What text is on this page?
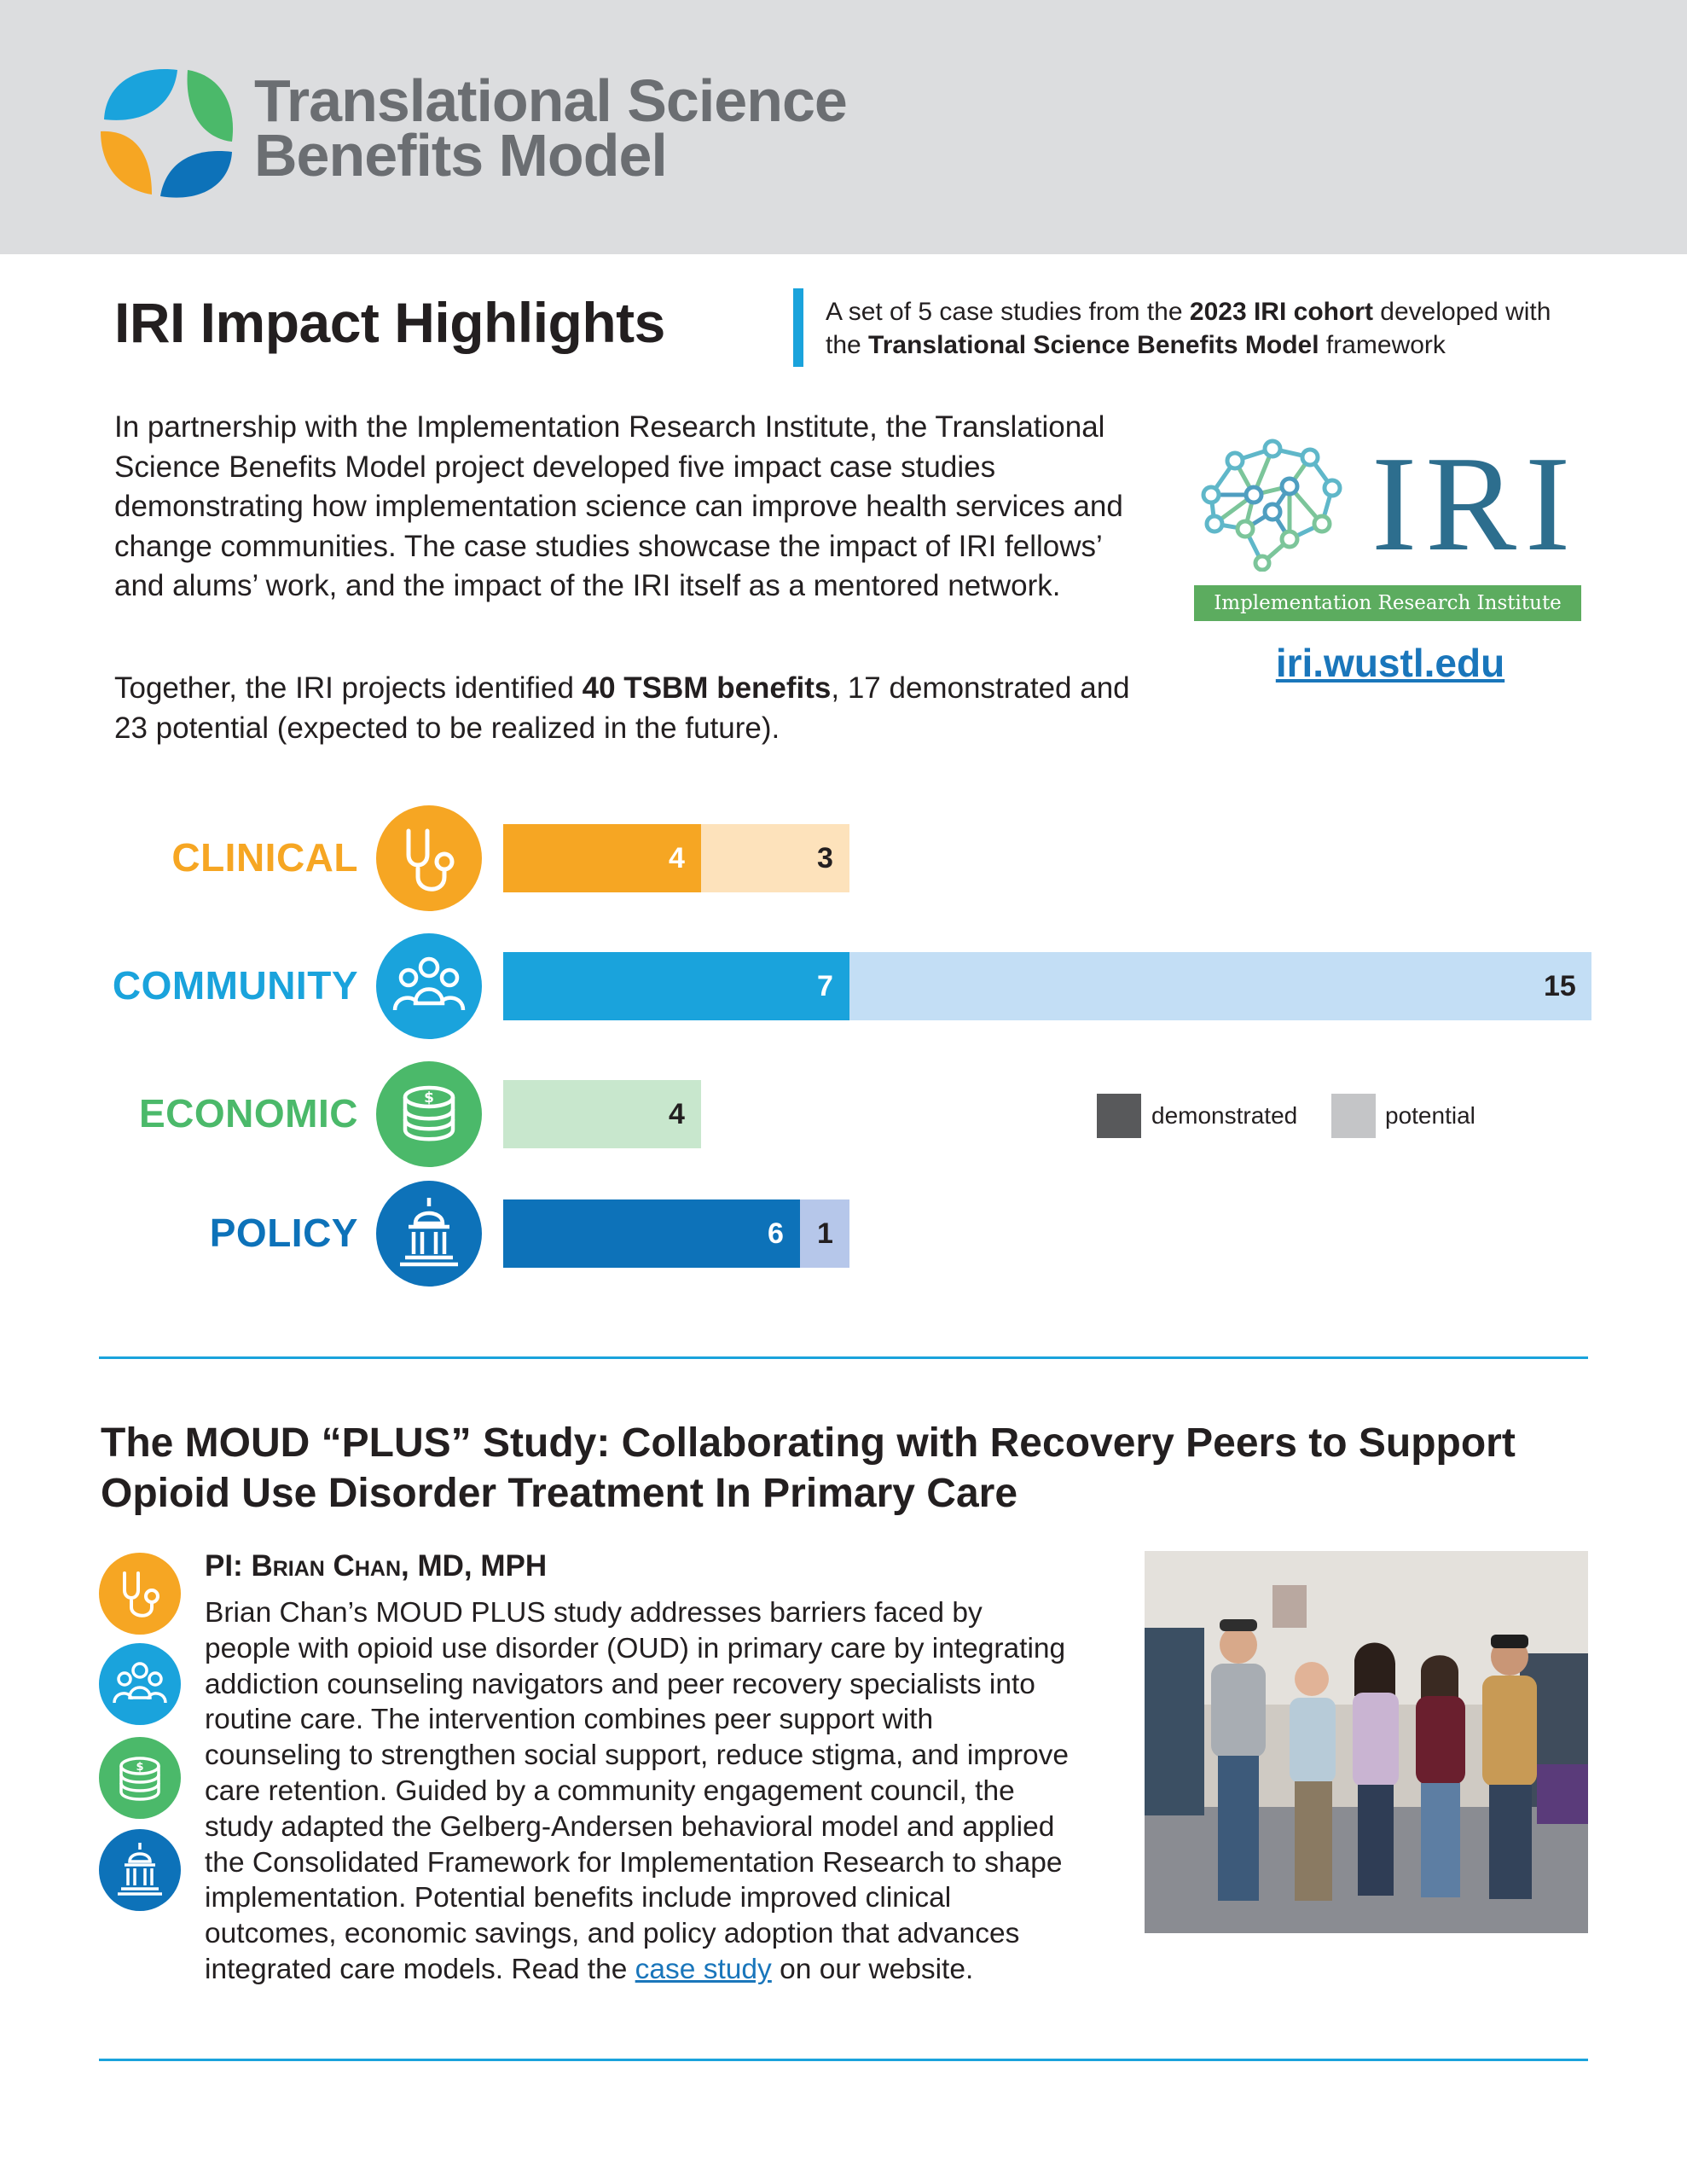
Translational Science
Benefits Model
IRI Impact Highlights	A set of 5 case studies from the 2023 IRI cohort developed with the Translational Science Benefits Model framework

In partnership with the Implementation Research Institute, the Translational Science Benefits Model project developed five impact case studies demonstrating how implementation science can improve health services and change communities. The case studies showcase the impact of IRI fellows’ and alums’ work, and the impact of the IRI itself as a mentored network.

Together, the IRI projects identified 40 TSBM benefits, 17 demonstrated and 23 potential (expected to be realized in the future).

IRI
Implementation Research Institute
iri.wustl.edu
CLINICAL	4	3
COMMUNITY	7	15
ECONOMIC	$	4
POLICY	6 1
demonstrated	potential
The MOUD “PLUS” Study: Collaborating with Recovery Peers to Support Opioid Use Disorder Treatment In Primary Care
$
PI: Brian Chan, MD, MPH

Brian Chan’s MOUD PLUS study addresses barriers faced by people with opioid use disorder (OUD) in primary care by integrating addiction counseling navigators and peer recovery specialists into routine care. The intervention combines peer support with counseling to strengthen social support, reduce stigma, and improve care retention. Guided by a community engagement council, the study adapted the Gelberg-Andersen behavioral model and applied the Consolidated Framework for Implementation Research to shape implementation. Potential benefits include improved clinical outcomes, economic savings, and policy adoption that advances integrated care models. Read the case study on our website.
